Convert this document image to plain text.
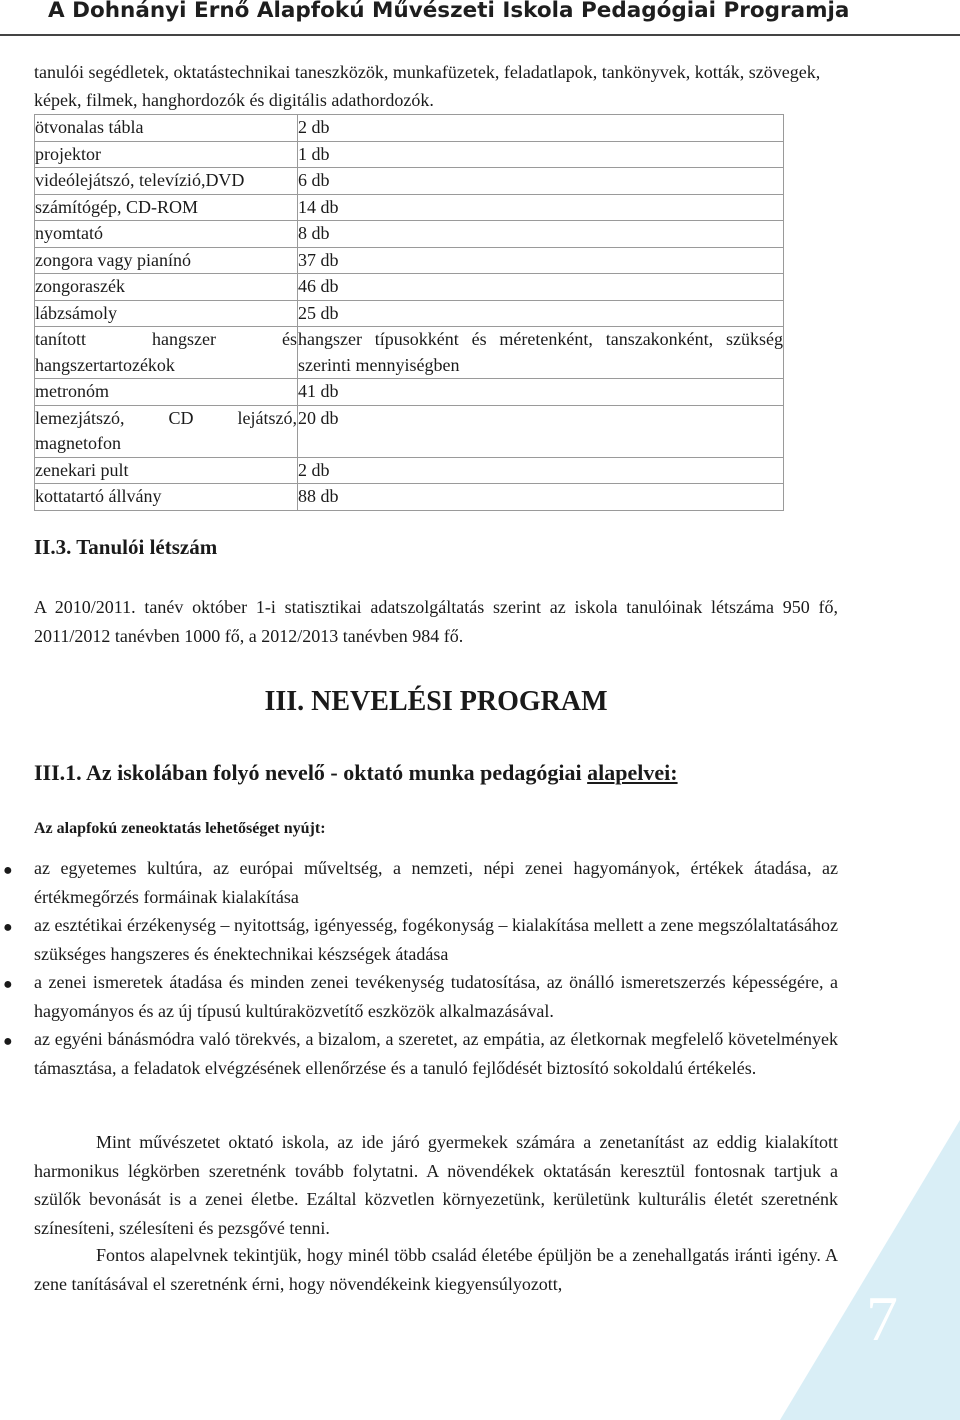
7
A Dohnányi Ernő Alapfokú Művészeti Iskola Pedagógiai Programja
tanulói segédletek, oktatástechnikai taneszközök, munkafüzetek, feladatlapok, tankönyvek, kották, szövegek, képek, filmek, hanghordozók és digitális adathordozók.
ötvonalas tábla	2 db
projektor	1 db
videólejátszó, televízió,DVD	6 db
számítógép, CD-ROM	14 db
nyomtató	8 db
zongora vagy pianínó	37 db
zongoraszék	46 db
lábzsámoly	25 db
tanított hangszer és hangszertartozékok	hangszer típusokként és méretenként, tanszakonként, szükség szerinti mennyiségben
metronóm	41 db
lemezjátszó, CD lejátszó, magnetofon	20 db
zenekari pult	2 db
kottatartó állvány	88 db
II.3. Tanulói létszám
A 2010/2011. tanév október 1-i statisztikai adatszolgáltatás szerint az iskola tanulóinak létszáma 950 fő, 2011/2012 tanévben 1000 fő, a 2012/2013 tanévben 984 fő.
III. NEVELÉSI PROGRAM
III.1. Az iskolában folyó nevelő - oktató munka pedagógiai alapelvei:
Az alapfokú zeneoktatás lehetőséget nyújt:
● az egyetemes kultúra, az európai műveltség, a nemzeti, népi zenei hagyományok, értékek átadása, az értékmegőrzés formáinak kialakítása
● az esztétikai érzékenység – nyitottság, igényesség, fogékonyság – kialakítása mellett a zene megszólaltatásához szükséges hangszeres és énektechnikai készségek átadása
● a zenei ismeretek átadása és minden zenei tevékenység tudatosítása, az önálló ismeretszerzés képességére, a hagyományos és az új típusú kultúraközvetítő eszközök alkalmazásával.
● az egyéni bánásmódra való törekvés, a bizalom, a szeretet, az empátia, az életkornak megfelelő követelmények támasztása, a feladatok elvégzésének ellenőrzése és a tanuló fejlődését biztosító sokoldalú értékelés.
Mint művészetet oktató iskola, az ide járó gyermekek számára a zenetanítást az eddig kialakított harmonikus légkörben szeretnénk tovább folytatni. A növendékek oktatásán keresztül fontosnak tartjuk a szülők bevonását is a zenei életbe. Ezáltal közvetlen környezetünk, kerületünk kulturális életét szeretnénk színesíteni, szélesíteni és pezsgővé tenni.
Fontos alapelvnek tekintjük, hogy minél több család életébe épüljön be a zenehallgatás iránti igény. A zene tanításával el szeretnénk érni, hogy növendékeink kiegyensúlyozott,
